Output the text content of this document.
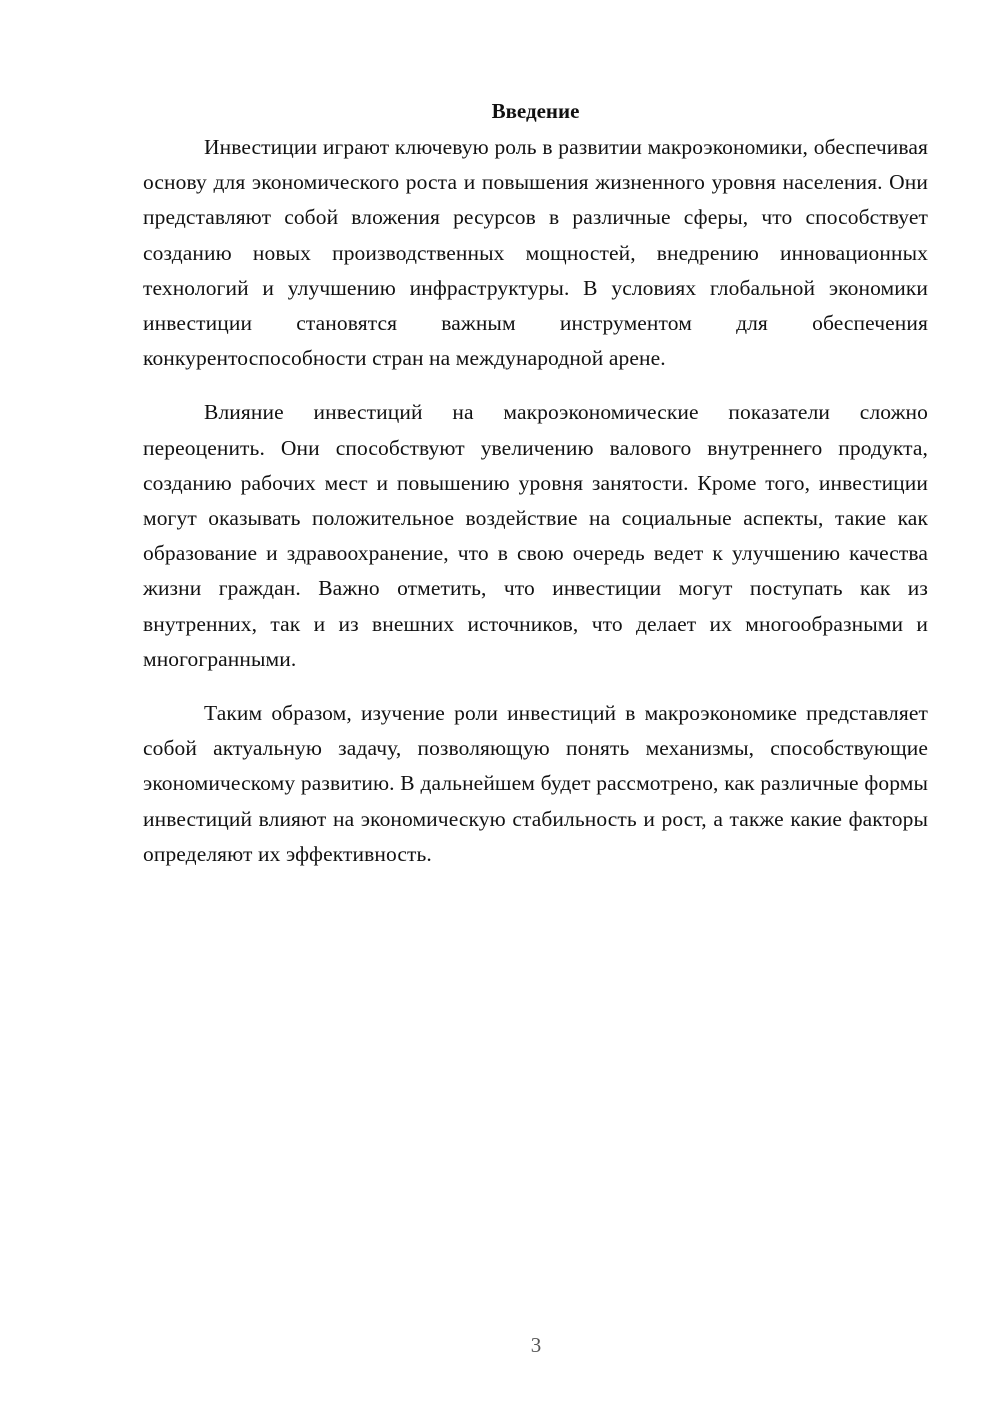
Введение

Инвестиции играют ключевую роль в развитии макроэкономики, обеспечивая основу для экономического роста и повышения жизненного уровня населения. Они представляют собой вложения ресурсов в различные сферы, что способствует созданию новых производственных мощностей, внедрению инновационных технологий и улучшению инфраструктуры. В условиях глобальной экономики инвестиции становятся важным инструментом для обеспечения конкурентоспособности стран на международной арене.

Влияние инвестиций на макроэкономические показатели сложно переоценить. Они способствуют увеличению валового внутреннего продукта, созданию рабочих мест и повышению уровня занятости. Кроме того, инвестиции могут оказывать положительное воздействие на социальные аспекты, такие как образование и здравоохранение, что в свою очередь ведет к улучшению качества жизни граждан. Важно отметить, что инвестиции могут поступать как из внутренних, так и из внешних источников, что делает их многообразными и многогранными.

Таким образом, изучение роли инвестиций в макроэкономике представляет собой актуальную задачу, позволяющую понять механизмы, способствующие экономическому развитию. В дальнейшем будет рассмотрено, как различные формы инвестиций влияют на экономическую стабильность и рост, а также какие факторы определяют их эффективность.

3
